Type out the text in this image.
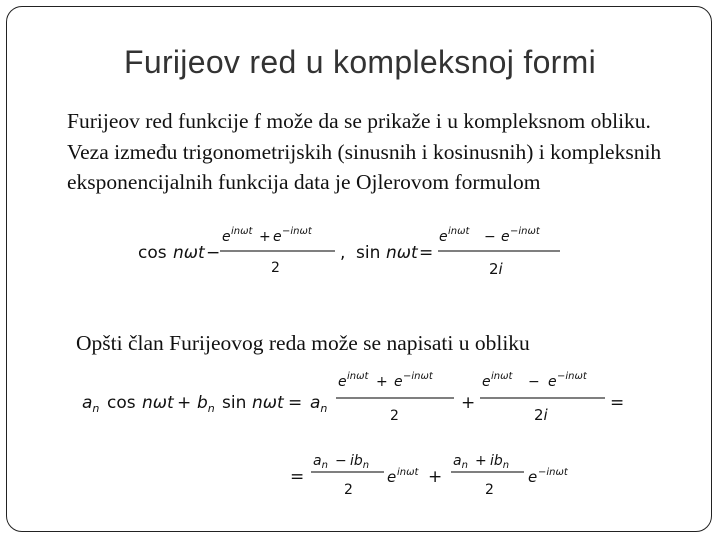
Furijeov red u kompleksnoj formi

Furijeov red funkcije f može da se prikaže i u kompleksnom obliku. Veza između trigonometrijskih (sinusnih i kosinusnih) i kompleksnih eksponencijalnih funkcija data je Ojlerovom formulom

cos nωt −
e inωt + e −inωt
2
, sin nωt =
e inωt − e −inωt
2i

Opšti član Furijeovog reda može se napisati u obliku

$a_n$ $\cos n\omega t + b_n$ $\sin n\omega t = a_n$
e inωt + e −inωt
2
+
e inωt − e −inωt
2i
=
=
$a_n - ib_n$
2
e inωt +
$a_n + ib_n$
2
e −inωt
